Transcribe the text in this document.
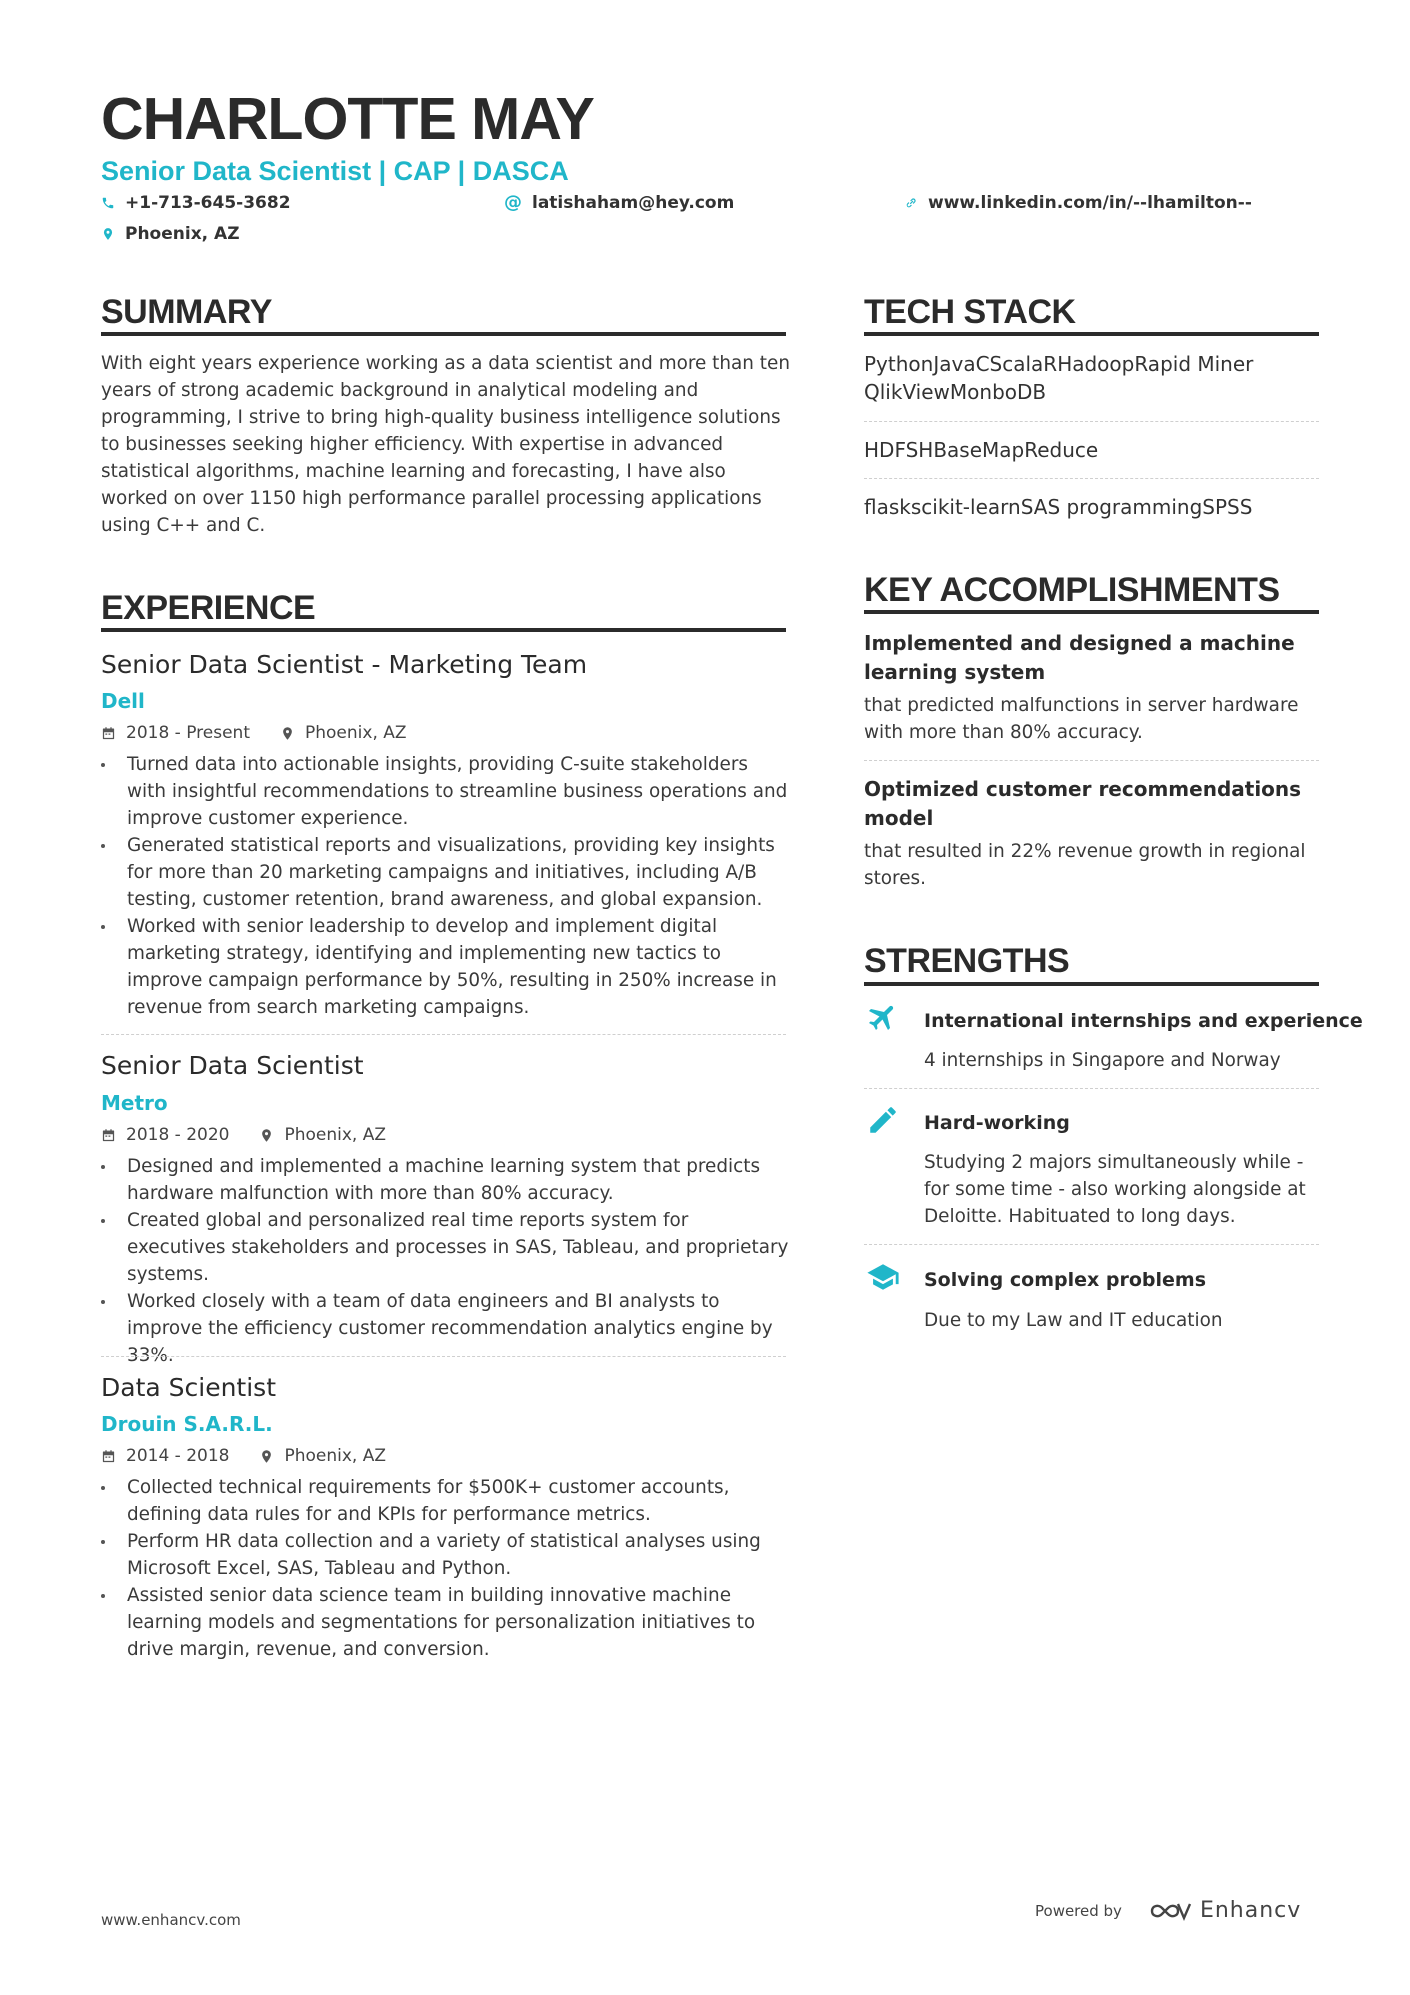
CHARLOTTE MAY
Senior Data Scientist | CAP | DASCA
+1-713-645-3682	@ latishaham@hey.com	www.linkedin.com/in/--lhamilton--
Phoenix, AZ
SUMMARY
With eight years experience working as a data scientist and more than ten years of strong academic background in analytical modeling and programming, I strive to bring high-quality business intelligence solutions to businesses seeking higher efficiency. With expertise in advanced statistical algorithms, machine learning and forecasting, I have also worked on over 1150 high performance parallel processing applications using C++ and C.
EXPERIENCE
Senior Data Scientist - Marketing Team
Dell
2018 - Present	Phoenix, AZ
Turned data into actionable insights, providing C-suite stakeholders with insightful recommendations to streamline business operations and improve customer experience.
Generated statistical reports and visualizations, providing key insights for more than 20 marketing campaigns and initiatives, including A/B testing, customer retention, brand awareness, and global expansion.
Worked with senior leadership to develop and implement digital marketing strategy, identifying and implementing new tactics to improve campaign performance by 50%, resulting in 250% increase in revenue from search marketing campaigns.
Senior Data Scientist
Metro
2018 - 2020	Phoenix, AZ
Designed and implemented a machine learning system that predicts hardware malfunction with more than 80% accuracy.
Created global and personalized real time reports system for executives stakeholders and processes in SAS, Tableau, and proprietary systems.
Worked closely with a team of data engineers and BI analysts to improve the efficiency customer recommendation analytics engine by 33%.
Data Scientist
Drouin S.A.R.L.
2014 - 2018	Phoenix, AZ
Collected technical requirements for $500K+ customer accounts, defining data rules for and KPIs for performance metrics.
Perform HR data collection and a variety of statistical analyses using Microsoft Excel, SAS, Tableau and Python.
Assisted senior data science team in building innovative machine learning models and segmentations for personalization initiatives to drive margin, revenue, and conversion.
TECH STACK
PythonJavaCScalaRHadoopRapid Miner QlikViewMonboDB
HDFSHBaseMapReduce
flaskscikit-learnSAS programmingSPSS
KEY ACCOMPLISHMENTS
Implemented and designed a machine learning system
that predicted malfunctions in server hardware with more than 80% accuracy.
Optimized customer recommendations model
that resulted in 22% revenue growth in regional stores.
STRENGTHS
International internships and experience
4 internships in Singapore and Norway
Hard-working
Studying 2 majors simultaneously while - for some time - also working alongside at Deloitte. Habituated to long days.
Solving complex problems
Due to my Law and IT education
www.enhancv.com
Powered by	Enhancv
